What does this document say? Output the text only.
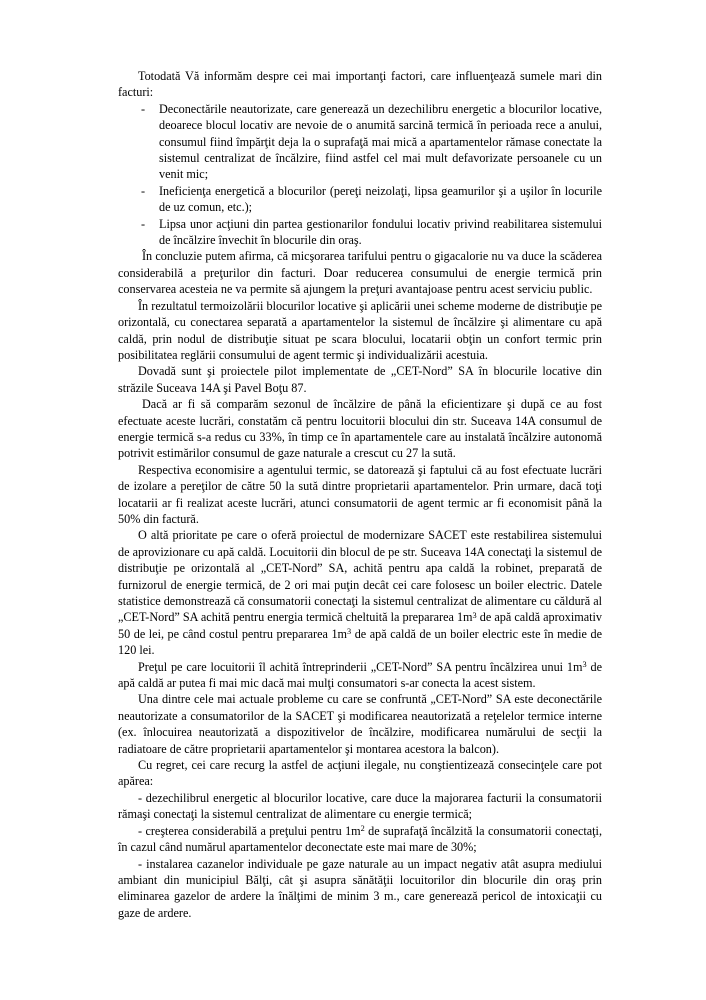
Totodată Vă informăm despre cei mai importanţi factori, care influenţează sumele mari din facturi:

- Deconectările neautorizate, care generează un dezechilibru energetic a blocurilor locative, deoarece blocul locativ are nevoie de o anumită sarcină termică în perioada rece a anului, consumul fiind împărţit deja la o suprafaţă mai mică a apartamentelor rămase conectate la sistemul centralizat de încălzire, fiind astfel cel mai mult defavorizate persoanele cu un venit mic;
- Ineficienţa energetică a blocurilor (pereţi neizolaţi, lipsa geamurilor şi a uşilor în locurile de uz comun, etc.);
- Lipsa unor acţiuni din partea gestionarilor fondului locativ privind reabilitarea sistemului de încălzire învechit în blocurile din oraş.

În concluzie putem afirma, că micşorarea tarifului pentru o gigacalorie nu va duce la scăderea considerabilă a preţurilor din facturi. Doar reducerea consumului de energie termică prin conservarea acesteia ne va permite să ajungem la preţuri avantajoase pentru acest serviciu public.

În rezultatul termoizolării blocurilor locative şi aplicării unei scheme moderne de distribuţie pe orizontală, cu conectarea separată a apartamentelor la sistemul de încălzire şi alimentare cu apă caldă, prin nodul de distribuţie situat pe scara blocului, locatarii obţin un confort termic prin posibilitatea reglării consumului de agent termic şi individualizării acestuia.

Dovadă sunt şi proiectele pilot implementate de „CET-Nord” SA în blocurile locative din străzile Suceava 14A şi Pavel Boţu 87.

Dacă ar fi să comparăm sezonul de încălzire de până la eficientizare şi după ce au fost efectuate aceste lucrări, constatăm că pentru locuitorii blocului din str. Suceava 14A consumul de energie termică s-a redus cu 33%, în timp ce în apartamentele care au instalată încălzire autonomă potrivit estimărilor consumul de gaze naturale a crescut cu 27 la sută.

Respectiva economisire a agentului termic, se datorează şi faptului că au fost efectuate lucrări de izolare a pereţilor de către 50 la sută dintre proprietarii apartamentelor. Prin urmare, dacă toţi locatarii ar fi realizat aceste lucrări, atunci consumatorii de agent termic ar fi economisit până la 50% din factură.

O altă prioritate pe care o oferă proiectul de modernizare SACET este restabilirea sistemului de aprovizionare cu apă caldă. Locuitorii din blocul de pe str. Suceava 14A conectaţi la sistemul de distribuţie pe orizontală al „CET-Nord” SA, achită pentru apa caldă la robinet, preparată de furnizorul de energie termică, de 2 ori mai puţin decât cei care folosesc un boiler electric. Datele statistice demonstrează că consumatorii conectaţi la sistemul centralizat de alimentare cu căldură al „CET-Nord” SA achită pentru energia termică cheltuită la prepararea $1m^3$ de apă caldă aproximativ 50 de lei, pe când costul pentru prepararea $1m^3$ de apă caldă de un boiler electric este în medie de 120 lei.

Preţul pe care locuitorii îl achită întreprinderii „CET-Nord” SA pentru încălzirea unui $1m^3$ de apă caldă ar putea fi mai mic dacă mai mulţi consumatori s-ar conecta la acest sistem.

Una dintre cele mai actuale probleme cu care se confruntă „CET-Nord” SA este deconectările neautorizate a consumatorilor de la SACET şi modificarea neautorizată a reţelelor termice interne (ex. înlocuirea neautorizată a dispozitivelor de încălzire, modificarea numărului de secţii la radiatoare de către proprietarii apartamentelor şi montarea acestora la balcon).

Cu regret, cei care recurg la astfel de acţiuni ilegale, nu conştientizează consecinţele care pot apărea:

- dezechilibrul energetic al blocurilor locative, care duce la majorarea facturii la consumatorii rămaşi conectaţi la sistemul centralizat de alimentare cu energie termică;

- creşterea considerabilă a preţului pentru $1m^2$ de suprafaţă încălzită la consumatorii conectaţi, în cazul când numărul apartamentelor deconectate este mai mare de 30%;

- instalarea cazanelor individuale pe gaze naturale au un impact negativ atât asupra mediului ambiant din municipiul Bălţi, cât şi asupra sănătăţii locuitorilor din blocurile din oraş prin eliminarea gazelor de ardere la înălţimi de minim 3 m., care generează pericol de intoxicaţii cu gaze de ardere.
